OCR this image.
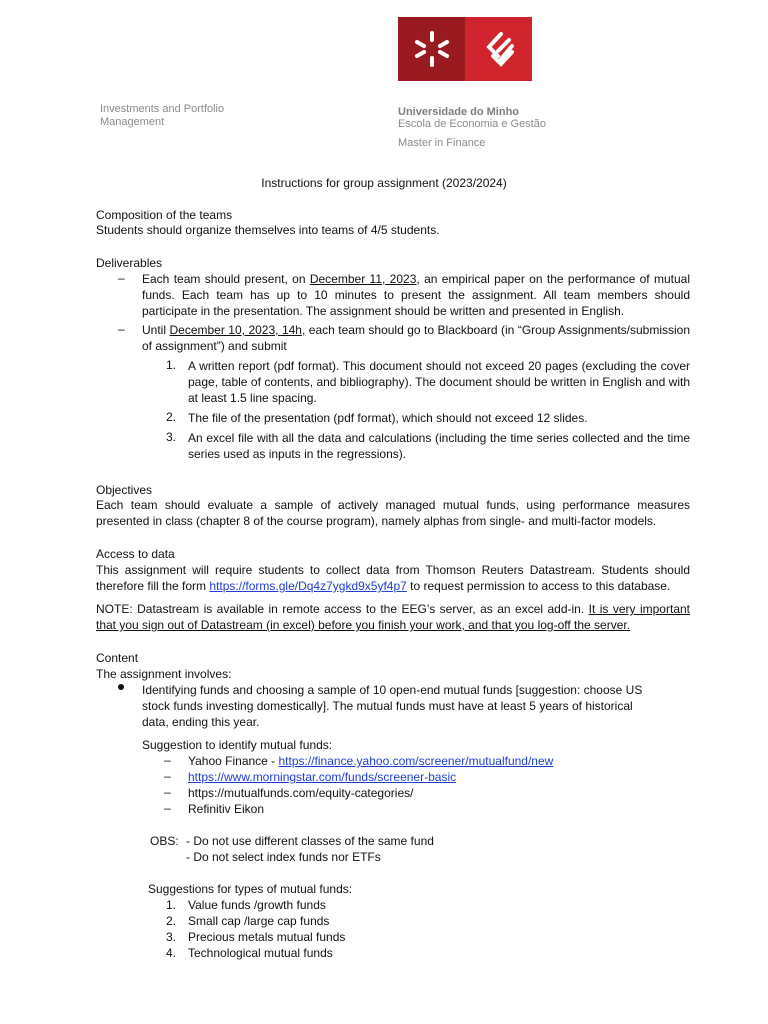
Investments and Portfolio
Management
Universidade do Minho
Escola de Economia e Gestão
Master in Finance
Instructions for group assignment (2023/2024)
Composition of the teams
Students should organize themselves into teams of 4/5 students.
Deliverables
– Each team should present, on December 11, 2023, an empirical paper on the performance of mutual funds. Each team has up to 10 minutes to present the assignment. All team members should participate in the presentation. The assignment should be written and presented in English.
– Until December 10, 2023, 14h, each team should go to Blackboard (in “Group Assignments/submission of assignment”) and submit
1. A written report (pdf format). This document should not exceed 20 pages (excluding the cover page, table of contents, and bibliography). The document should be written in English and with at least 1.5 line spacing.
2. The file of the presentation (pdf format), which should not exceed 12 slides.
3. An excel file with all the data and calculations (including the time series collected and the time series used as inputs in the regressions).
Objectives
Each team should evaluate a sample of actively managed mutual funds, using performance measures presented in class (chapter 8 of the course program), namely alphas from single- and multi-factor models.
Access to data
This assignment will require students to collect data from Thomson Reuters Datastream. Students should therefore fill the form https://forms.gle/Dq4z7ygkd9x5yf4p7 to request permission to access to this database.
NOTE: Datastream is available in remote access to the EEG’s server, as an excel add-in. It is very important that you sign out of Datastream (in excel) before you finish your work, and that you log-off the server.
Content
The assignment involves:
Identifying funds and choosing a sample of 10 open-end mutual funds [suggestion: choose US stock funds investing domestically]. The mutual funds must have at least 5 years of historical data, ending this year.
Suggestion to identify mutual funds:
– Yahoo Finance - https://finance.yahoo.com/screener/mutualfund/new
– https://www.morningstar.com/funds/screener-basic
– https://mutualfunds.com/equity-categories/
– Refinitiv Eikon
OBS: - Do not use different classes of the same fund
- Do not select index funds nor ETFs
Suggestions for types of mutual funds:
1. Value funds /growth funds
2. Small cap /large cap funds
3. Precious metals mutual funds
4. Technological mutual funds
